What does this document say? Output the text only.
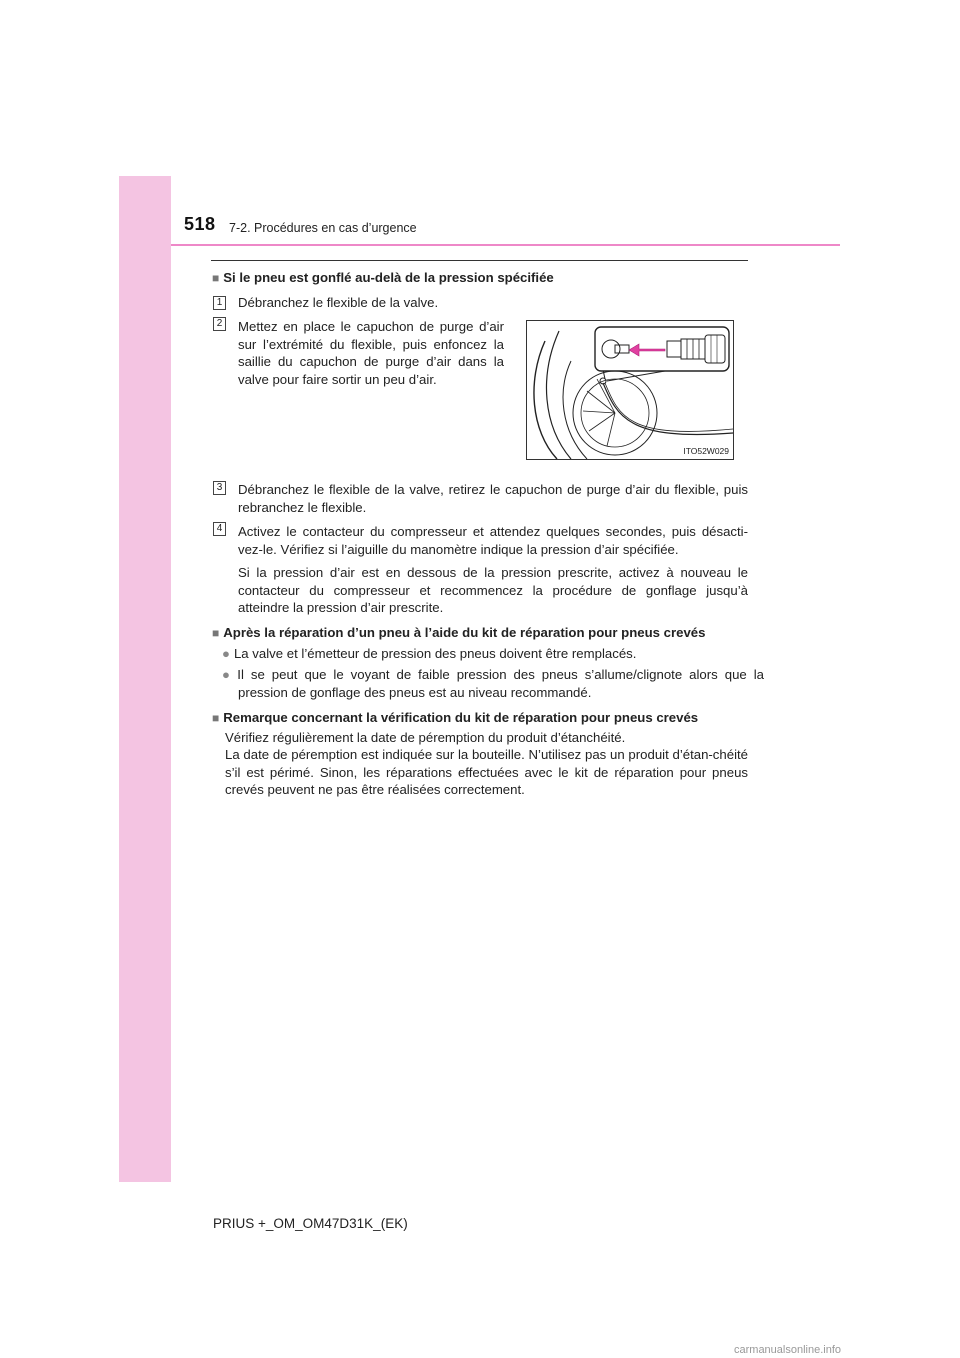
518 7-2. Procédures en cas d’urgence
■ Si le pneu est gonflé au-delà de la pression spécifiée
1 Débranchez le flexible de la valve.
2 Mettez en place le capuchon de purge d’air sur l’extrémité du flexible, puis enfoncez la saillie du capuchon de purge d’air dans la valve pour faire sortir un peu d’air.
ITO52W029
3 Débranchez le flexible de la valve, retirez le capuchon de purge d’air du flexible, puis rebranchez le flexible.
4 Activez le contacteur du compresseur et attendez quelques secondes, puis désacti-vez-le. Vérifiez si l’aiguille du manomètre indique la pression d’air spécifiée.
Si la pression d’air est en dessous de la pression prescrite, activez à nouveau le contacteur du compresseur et recommencez la procédure de gonflage jusqu’à atteindre la pression d’air prescrite.
■ Après la réparation d’un pneu à l’aide du kit de réparation pour pneus crevés
● La valve et l’émetteur de pression des pneus doivent être remplacés.
● Il se peut que le voyant de faible pression des pneus s’allume/clignote alors que la pression de gonflage des pneus est au niveau recommandé.
■ Remarque concernant la vérification du kit de réparation pour pneus crevés
Vérifiez régulièrement la date de péremption du produit d’étanchéité.
La date de péremption est indiquée sur la bouteille. N’utilisez pas un produit d’étan-chéité s’il est périmé. Sinon, les réparations effectuées avec le kit de réparation pour pneus crevés peuvent ne pas être réalisées correctement.
PRIUS +_OM_OM47D31K_(EK)
carmanualsonline.info
